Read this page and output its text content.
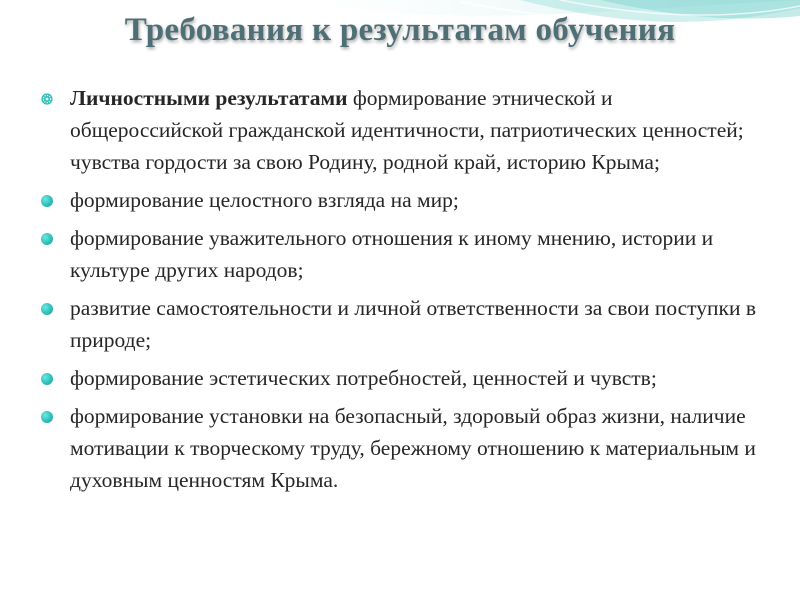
Требования к результатам обучения
Личностными результатами формирование этнической и общероссийской гражданской идентичности, патриотических ценностей; чувства гордости за свою Родину, родной край, историю Крыма;
формирование целостного взгляда на мир;
формирование уважительного отношения к иному мнению, истории и культуре других народов;
развитие самостоятельности и личной ответственности за свои поступки в природе;
формирование эстетических потребностей, ценностей и чувств;
формирование установки на безопасный, здоровый образ жизни, наличие мотивации к творческому труду, бережному отношению к материальным и духовным ценностям Крыма.
